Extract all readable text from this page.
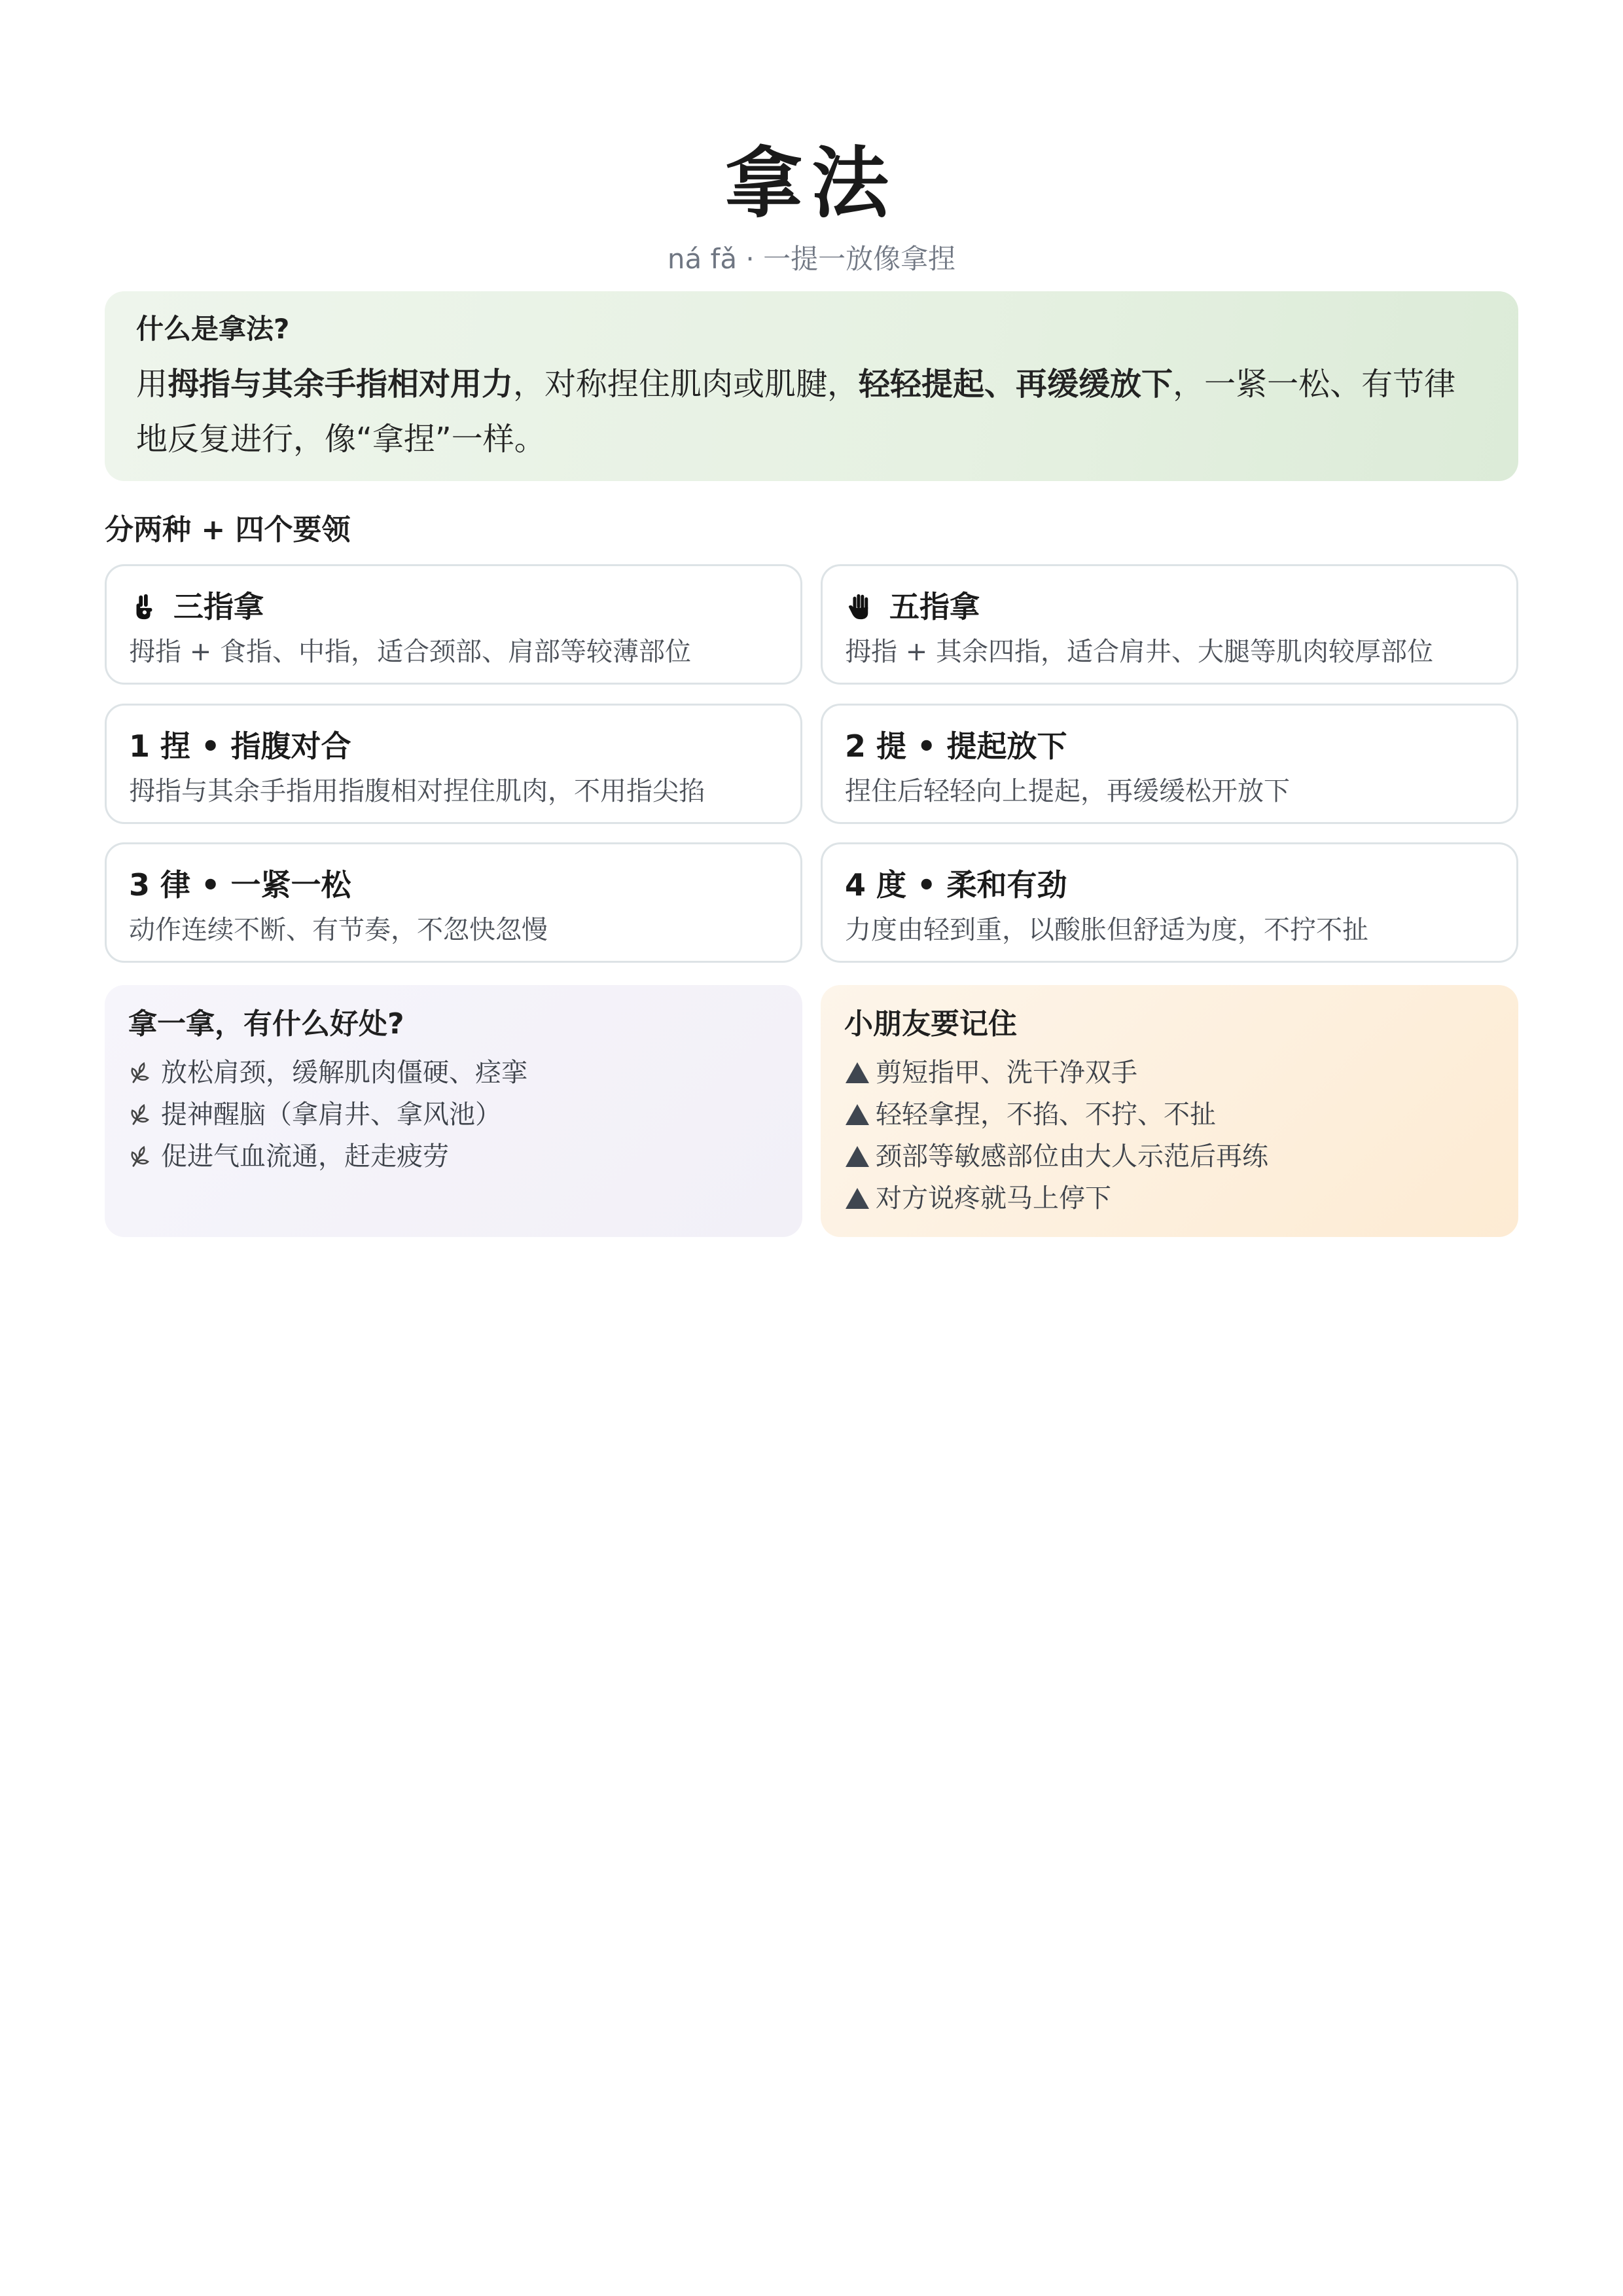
拿法
ná fǎ · 一提一放像拿捏
什么是拿法?
用拇指与其余手指相对用力，对称捏住肌肉或肌腱，轻轻提起、再缓缓放下，一紧一松、有节律地反复进行，像“拿捏”一样。
分两种 + 四个要领
三指拿
拇指 + 食指、中指，适合颈部、肩部等较薄部位
五指拿
拇指 + 其余四指，适合肩井、大腿等肌肉较厚部位
1 捏 • 指腹对合
拇指与其余手指用指腹相对捏住肌肉，不用指尖掐
2 提 • 提起放下
捏住后轻轻向上提起，再缓缓松开放下
3 律 • 一紧一松
动作连续不断、有节奏，不忽快忽慢
4 度 • 柔和有劲
力度由轻到重，以酸胀但舒适为度，不拧不扯
拿一拿，有什么好处?
放松肩颈，缓解肌肉僵硬、痉挛
提神醒脑（拿肩井、拿风池）
促进气血流通，赶走疲劳
小朋友要记住
剪短指甲、洗干净双手
轻轻拿捏，不掐、不拧、不扯
颈部等敏感部位由大人示范后再练
对方说疼就马上停下
